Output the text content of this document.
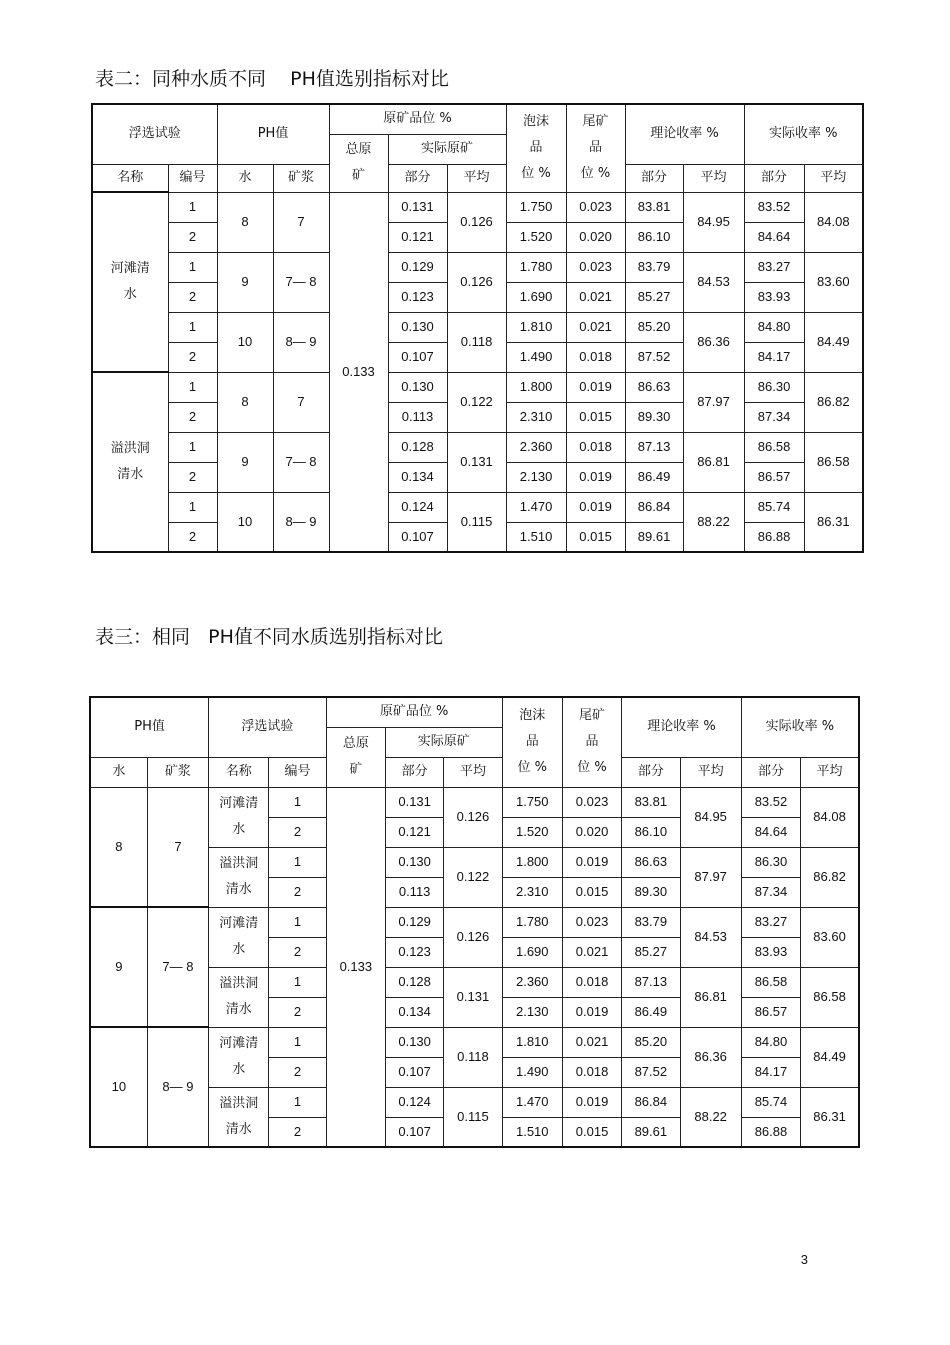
表二：同种水质不同    PH值选别指标对比
浮选试验		PH值		原矿品位 %			泡沫
品
位 %	尾矿
品
位 %	理论收率 %		实际收率 %	

				总原
矿	实际原矿							
名称	编号	水	矿浆		部分	平均			部分	平均	部分	平均

河滩清
水	1	8	7	0.133	0.131	0.126	1.750	0.023	83.81	84.95	83.52	84.08
	2				0.121		1.520	0.020	86.10		84.64	
	1	9	7— 8		0.129	0.126	1.780	0.023	83.79	84.53	83.27	83.60
	2				0.123		1.690	0.021	85.27		83.93	
	1	10	8— 9		0.130	0.118	1.810	0.021	85.20	86.36	84.80	84.49
	2				0.107		1.490	0.018	87.52		84.17	

溢洪洞
清水	1	8	7		0.130	0.122	1.800	0.019	86.63	87.97	86.30	86.82
	2				0.113		2.310	0.015	89.30		87.34	
	1	9	7— 8		0.128	0.131	2.360	0.018	87.13	86.81	86.58	86.58
	2				0.134		2.130	0.019	86.49		86.57	
	1	10	8— 9		0.124	0.115	1.470	0.019	86.84	88.22	85.74	86.31
	2				0.107		1.510	0.015	89.61		86.88	
表三：相同   PH值不同水质选别指标对比
PH值		浮选试验		原矿品位 %			泡沫
品
位 %	尾矿
品
位 %	理论收率 %		实际收率 %	

				总原
矿	实际原矿							
水	矿浆	名称	编号		部分	平均			部分	平均	部分	平均
8	7	河滩清
水	1	0.133	0.131	0.126	1.750	0.023	83.81	84.95	83.52	84.08
			2		0.121		1.520	0.020	86.10		84.64	

		溢洪洞
清水	1		0.130	0.122	1.800	0.019	86.63	87.97	86.30	86.82
			2		0.113		2.310	0.015	89.30		87.34	
9	7— 8	河滩清
水	1		0.129	0.126	1.780	0.023	83.79	84.53	83.27	83.60
			2		0.123		1.690	0.021	85.27		83.93	

		溢洪洞
清水	1		0.128	0.131	2.360	0.018	87.13	86.81	86.58	86.58
			2		0.134		2.130	0.019	86.49		86.57	
10	8— 9	河滩清
水	1		0.130	0.118	1.810	0.021	85.20	86.36	84.80	84.49
			2		0.107		1.490	0.018	87.52		84.17	

		溢洪洞
清水	1		0.124	0.115	1.470	0.019	86.84	88.22	85.74	86.31
			2		0.107		1.510	0.015	89.61		86.88	
3
